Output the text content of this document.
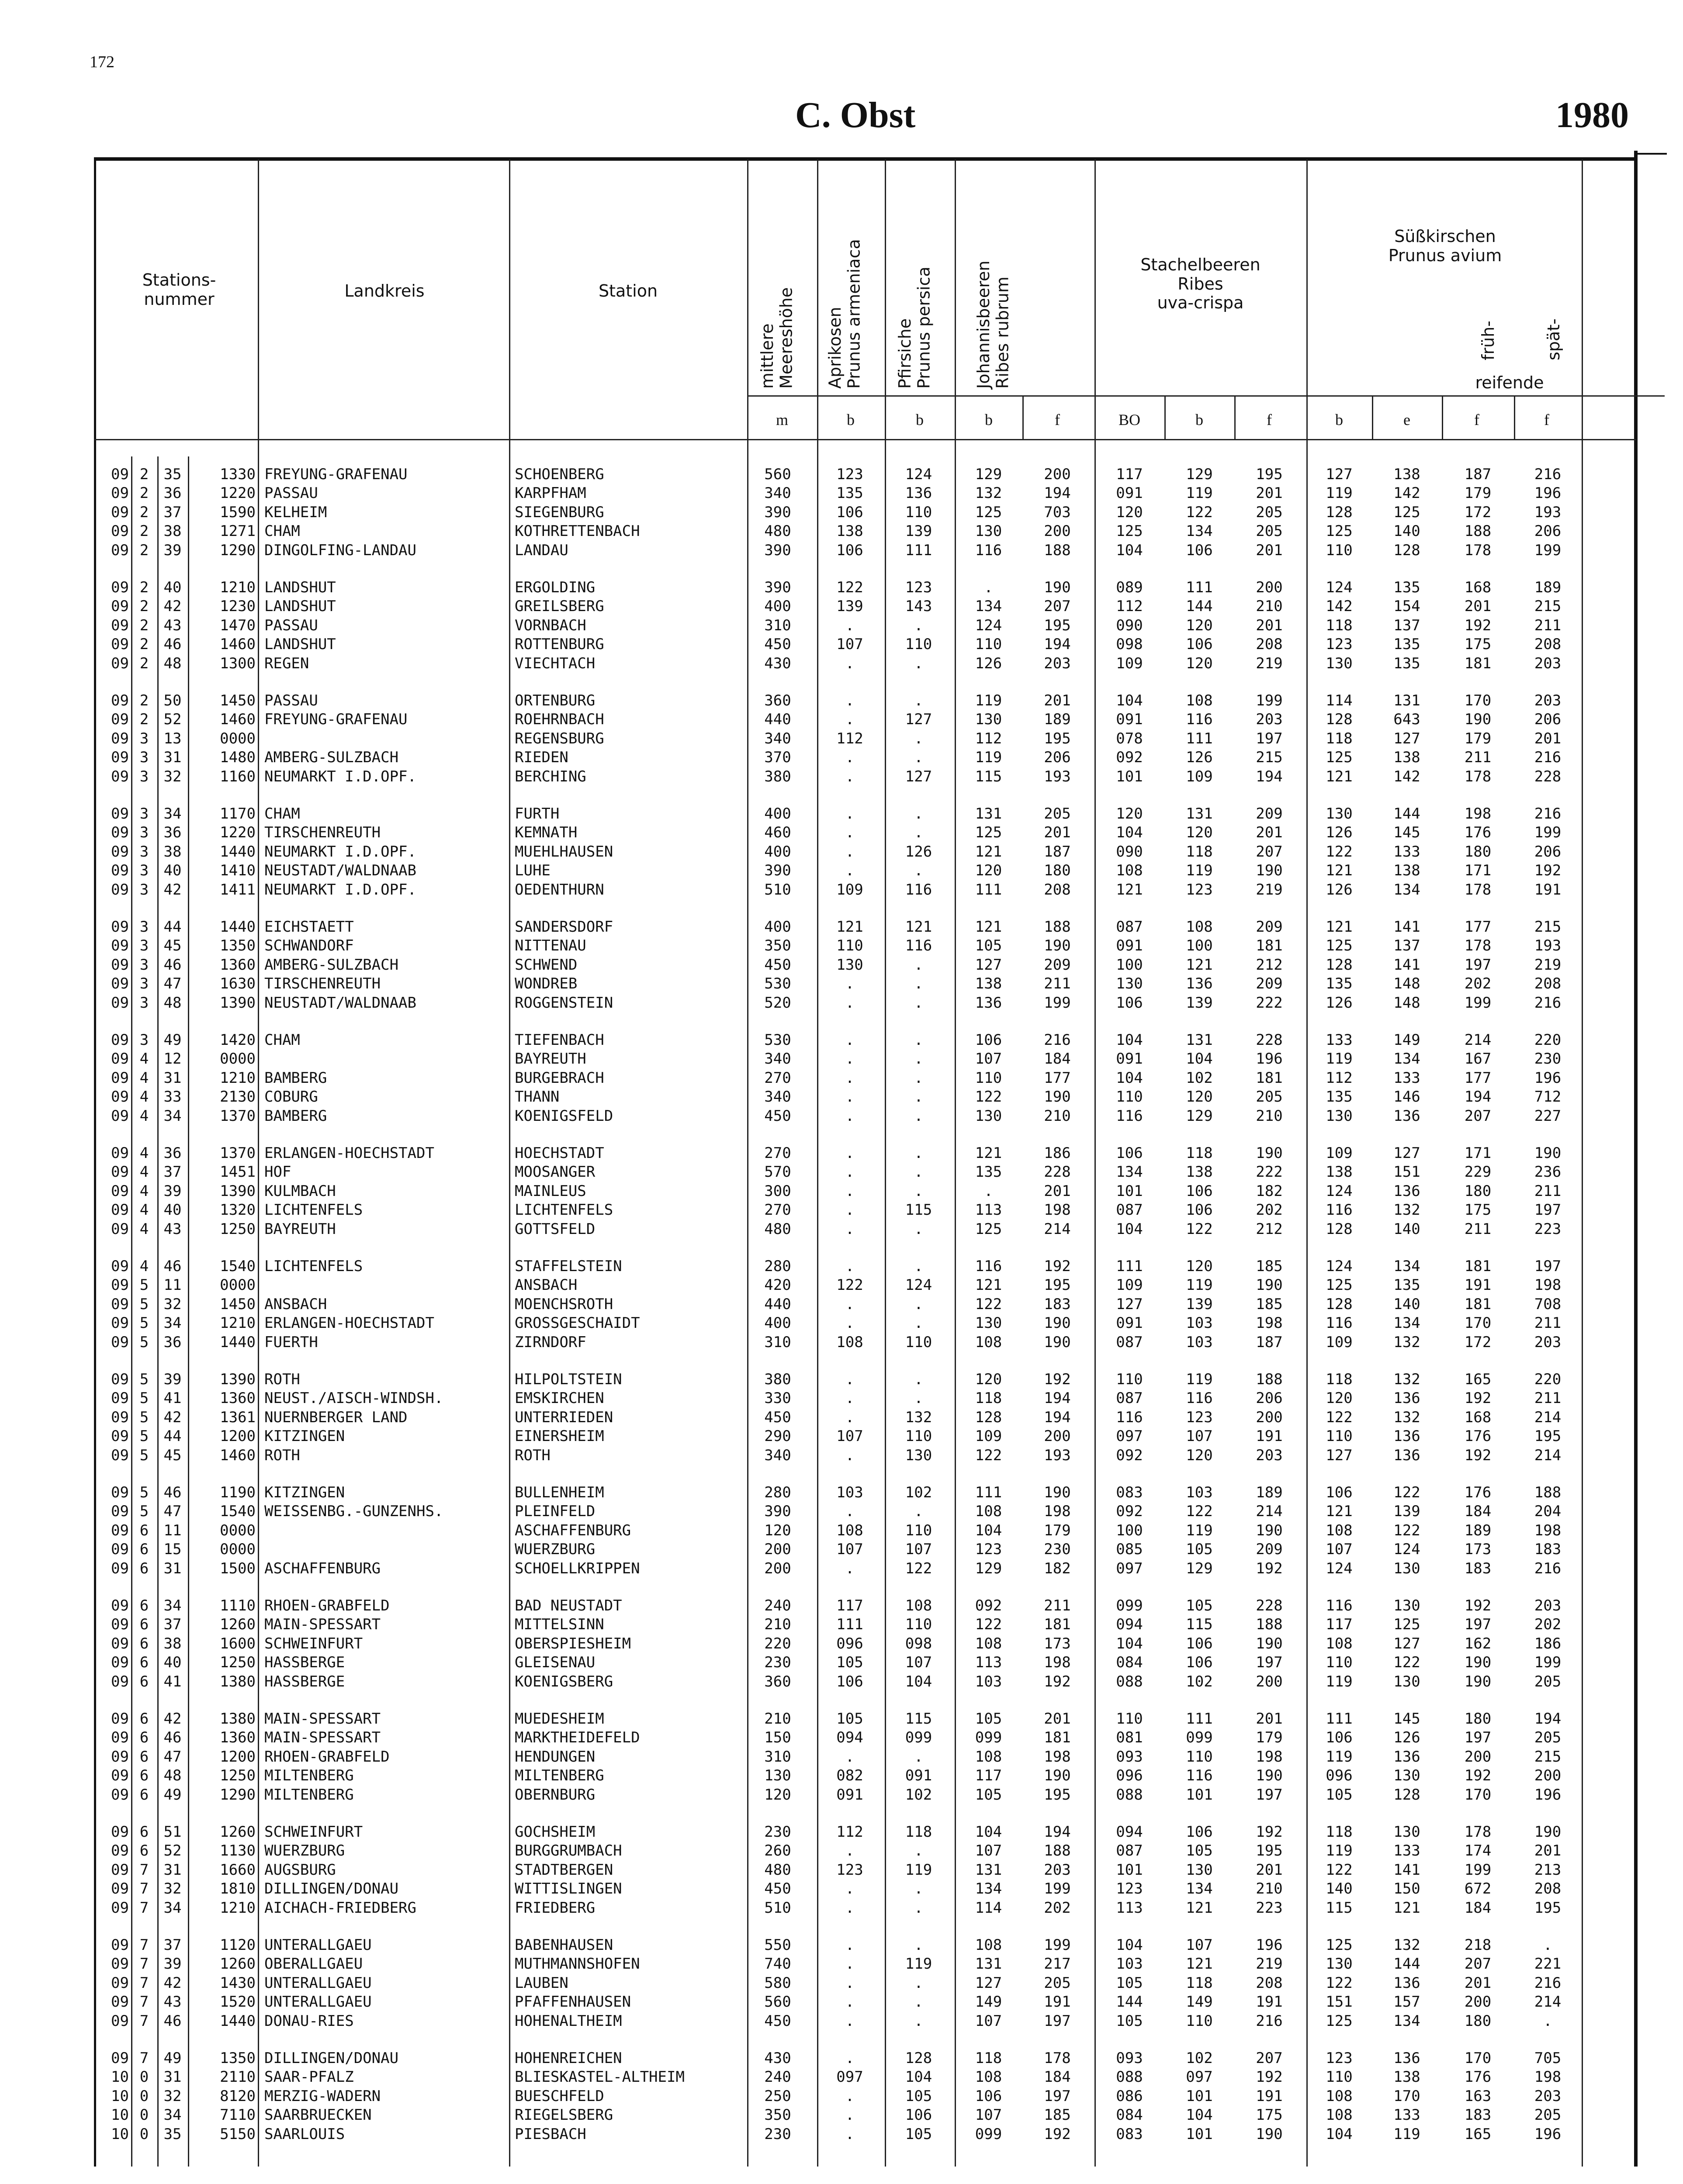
172
C. Obst	1980
Stations-
nummer	Landkreis	Station
mittlere
Meereshöhe Aprikosen
Prunus armeniaca
Pfirsiche
Prunus persica Johannisbeeren
Ribes rubrum
Stachelbeeren
Ribes
uva-crispa
Süßkirschen
Prunus avium
früh-	spät-
reifende
m	b	b	b	f	BO	b	f	b	e	f	f
09 2	35	1330 FREYUNG-GRAFENAU	SCHOENBERG	560	123	124	129	200	117	129	195	127	138	187	216
09 2	36	1220 PASSAU	KARPFHAM	340	135	136	132	194	091	119	201	119	142	179	196
09 2	37	1590 KELHEIM	SIEGENBURG	390	106	110	125	703	120	122	205	128	125	172	193
09 2	38	1271 CHAM	KOTHRETTENBACH	480	138	139	130	200	125	134	205	125	140	188	206
09 2	39	1290 DINGOLFING-LANDAU	LANDAU	390	106	111	116	188	104	106	201	110	128	178	199
09 2	40	1210 LANDSHUT	ERGOLDING	390	122	123	.	190	089	111	200	124	135	168	189
09 2	42	1230 LANDSHUT	GREILSBERG	400	139	143	134	207	112	144	210	142	154	201	215
09 2	43	1470 PASSAU	VORNBACH	310	.	.	124	195	090	120	201	118	137	192	211
09 2	46	1460 LANDSHUT	ROTTENBURG	450	107	110	110	194	098	106	208	123	135	175	208
09 2	48	1300 REGEN	VIECHTACH	430	.	.	126	203	109	120	219	130	135	181	203
09 2	50	1450 PASSAU	ORTENBURG	360	.	.	119	201	104	108	199	114	131	170	203
09 2	52	1460 FREYUNG-GRAFENAU	ROEHRNBACH	440	.	127	130	189	091	116	203	128	643	190	206
09 3	13	0000	REGENSBURG	340	112	.	112	195	078	111	197	118	127	179	201
09 3	31	1480 AMBERG-SULZBACH	RIEDEN	370	.	.	119	206	092	126	215	125	138	211	216
09 3	32	1160 NEUMARKT I.D.OPF.	BERCHING	380	.	127	115	193	101	109	194	121	142	178	228
09 3	34	1170 CHAM	FURTH	400	.	.	131	205	120	131	209	130	144	198	216
09 3	36	1220 TIRSCHENREUTH	KEMNATH	460	.	.	125	201	104	120	201	126	145	176	199
09 3	38	1440 NEUMARKT I.D.OPF.	MUEHLHAUSEN	400	.	126	121	187	090	118	207	122	133	180	206
09 3	40	1410 NEUSTADT/WALDNAAB	LUHE	390	.	.	120	180	108	119	190	121	138	171	192
09 3	42	1411 NEUMARKT I.D.OPF.	OEDENTHURN	510	109	116	111	208	121	123	219	126	134	178	191
09 3	44	1440 EICHSTAETT	SANDERSDORF	400	121	121	121	188	087	108	209	121	141	177	215
09 3	45	1350 SCHWANDORF	NITTENAU	350	110	116	105	190	091	100	181	125	137	178	193
09 3	46	1360 AMBERG-SULZBACH	SCHWEND	450	130	.	127	209	100	121	212	128	141	197	219
09 3	47	1630 TIRSCHENREUTH	WONDREB	530	.	.	138	211	130	136	209	135	148	202	208
09 3	48	1390 NEUSTADT/WALDNAAB	ROGGENSTEIN	520	.	.	136	199	106	139	222	126	148	199	216
09 3	49	1420 CHAM	TIEFENBACH	530	.	.	106	216	104	131	228	133	149	214	220
09 4	12	0000	BAYREUTH	340	.	.	107	184	091	104	196	119	134	167	230
09 4	31	1210 BAMBERG	BURGEBRACH	270	.	.	110	177	104	102	181	112	133	177	196
09 4	33	2130 COBURG	THANN	340	.	.	122	190	110	120	205	135	146	194	712
09 4	34	1370 BAMBERG	KOENIGSFELD	450	.	.	130	210	116	129	210	130	136	207	227
09 4	36	1370 ERLANGEN-HOECHSTADT	HOECHSTADT	270	.	.	121	186	106	118	190	109	127	171	190
09 4	37	1451 HOF	MOOSANGER	570	.	.	135	228	134	138	222	138	151	229	236
09 4	39	1390 KULMBACH	MAINLEUS	300	.	.	.	201	101	106	182	124	136	180	211
09 4	40	1320 LICHTENFELS	LICHTENFELS	270	.	115	113	198	087	106	202	116	132	175	197
09 4	43	1250 BAYREUTH	GOTTSFELD	480	.	.	125	214	104	122	212	128	140	211	223
09 4	46	1540 LICHTENFELS	STAFFELSTEIN	280	.	.	116	192	111	120	185	124	134	181	197
09 5	11	0000	ANSBACH	420	122	124	121	195	109	119	190	125	135	191	198
09 5	32	1450 ANSBACH	MOENCHSROTH	440	.	.	122	183	127	139	185	128	140	181	708
09 5	34	1210 ERLANGEN-HOECHSTADT	GROSSGESCHAIDT	400	.	.	130	190	091	103	198	116	134	170	211
09 5	36	1440 FUERTH	ZIRNDORF	310	108	110	108	190	087	103	187	109	132	172	203
09 5	39	1390 ROTH	HILPOLTSTEIN	380	.	.	120	192	110	119	188	118	132	165	220
09 5	41	1360 NEUST./AISCH-WINDSH.	EMSKIRCHEN	330	.	.	118	194	087	116	206	120	136	192	211
09 5	42	1361 NUERNBERGER LAND	UNTERRIEDEN	450	.	132	128	194	116	123	200	122	132	168	214
09 5	44	1200 KITZINGEN	EINERSHEIM	290	107	110	109	200	097	107	191	110	136	176	195
09 5	45	1460 ROTH	ROTH	340	.	130	122	193	092	120	203	127	136	192	214
09 5	46	1190 KITZINGEN	BULLENHEIM	280	103	102	111	190	083	103	189	106	122	176	188
09 5	47	1540 WEISSENBG.-GUNZENHS.	PLEINFELD	390	.	.	108	198	092	122	214	121	139	184	204
09 6	11	0000	ASCHAFFENBURG	120	108	110	104	179	100	119	190	108	122	189	198
09 6	15	0000	WUERZBURG	200	107	107	123	230	085	105	209	107	124	173	183
09 6	31	1500 ASCHAFFENBURG	SCHOELLKRIPPEN	200	.	122	129	182	097	129	192	124	130	183	216
09 6	34	1110 RHOEN-GRABFELD	BAD NEUSTADT	240	117	108	092	211	099	105	228	116	130	192	203
09 6	37	1260 MAIN-SPESSART	MITTELSINN	210	111	110	122	181	094	115	188	117	125	197	202
09 6	38	1600 SCHWEINFURT	OBERSPIESHEIM	220	096	098	108	173	104	106	190	108	127	162	186
09 6	40	1250 HASSBERGE	GLEISENAU	230	105	107	113	198	084	106	197	110	122	190	199
09 6	41	1380 HASSBERGE	KOENIGSBERG	360	106	104	103	192	088	102	200	119	130	190	205
09 6	42	1380 MAIN-SPESSART	MUEDESHEIM	210	105	115	105	201	110	111	201	111	145	180	194
09 6	46	1360 MAIN-SPESSART	MARKTHEIDEFELD	150	094	099	099	181	081	099	179	106	126	197	205
09 6	47	1200 RHOEN-GRABFELD	HENDUNGEN	310	.	.	108	198	093	110	198	119	136	200	215
09 6	48	1250 MILTENBERG	MILTENBERG	130	082	091	117	190	096	116	190	096	130	192	200
09 6	49	1290 MILTENBERG	OBERNBURG	120	091	102	105	195	088	101	197	105	128	170	196
09 6	51	1260 SCHWEINFURT	GOCHSHEIM	230	112	118	104	194	094	106	192	118	130	178	190
09 6	52	1130 WUERZBURG	BURGGRUMBACH	260	.	.	107	188	087	105	195	119	133	174	201
09 7	31	1660 AUGSBURG	STADTBERGEN	480	123	119	131	203	101	130	201	122	141	199	213
09 7	32	1810 DILLINGEN/DONAU	WITTISLINGEN	450	.	.	134	199	123	134	210	140	150	672	208
09 7	34	1210 AICHACH-FRIEDBERG	FRIEDBERG	510	.	.	114	202	113	121	223	115	121	184	195
09 7	37	1120 UNTERALLGAEU	BABENHAUSEN	550	.	.	108	199	104	107	196	125	132	218	.
09 7	39	1260 OBERALLGAEU	MUTHMANNSHOFEN	740	.	119	131	217	103	121	219	130	144	207	221
09 7	42	1430 UNTERALLGAEU	LAUBEN	580	.	.	127	205	105	118	208	122	136	201	216
09 7	43	1520 UNTERALLGAEU	PFAFFENHAUSEN	560	.	.	149	191	144	149	191	151	157	200	214
09 7	46	1440 DONAU-RIES	HOHENALTHEIM	450	.	.	107	197	105	110	216	125	134	180	.
09 7	49	1350 DILLINGEN/DONAU	HOHENREICHEN	430	.	128	118	178	093	102	207	123	136	170	705
10 0	31	2110 SAAR-PFALZ	BLIESKASTEL-ALTHEIM	240	097	104	108	184	088	097	192	110	138	176	198
10 0	32	8120 MERZIG-WADERN	BUESCHFELD	250	.	105	106	197	086	101	191	108	170	163	203
10 0	34	7110 SAARBRUECKEN	RIEGELSBERG	350	.	106	107	185	084	104	175	108	133	183	205
10 0	35	5150 SAARLOUIS	PIESBACH	230	.	105	099	192	083	101	190	104	119	165	196
